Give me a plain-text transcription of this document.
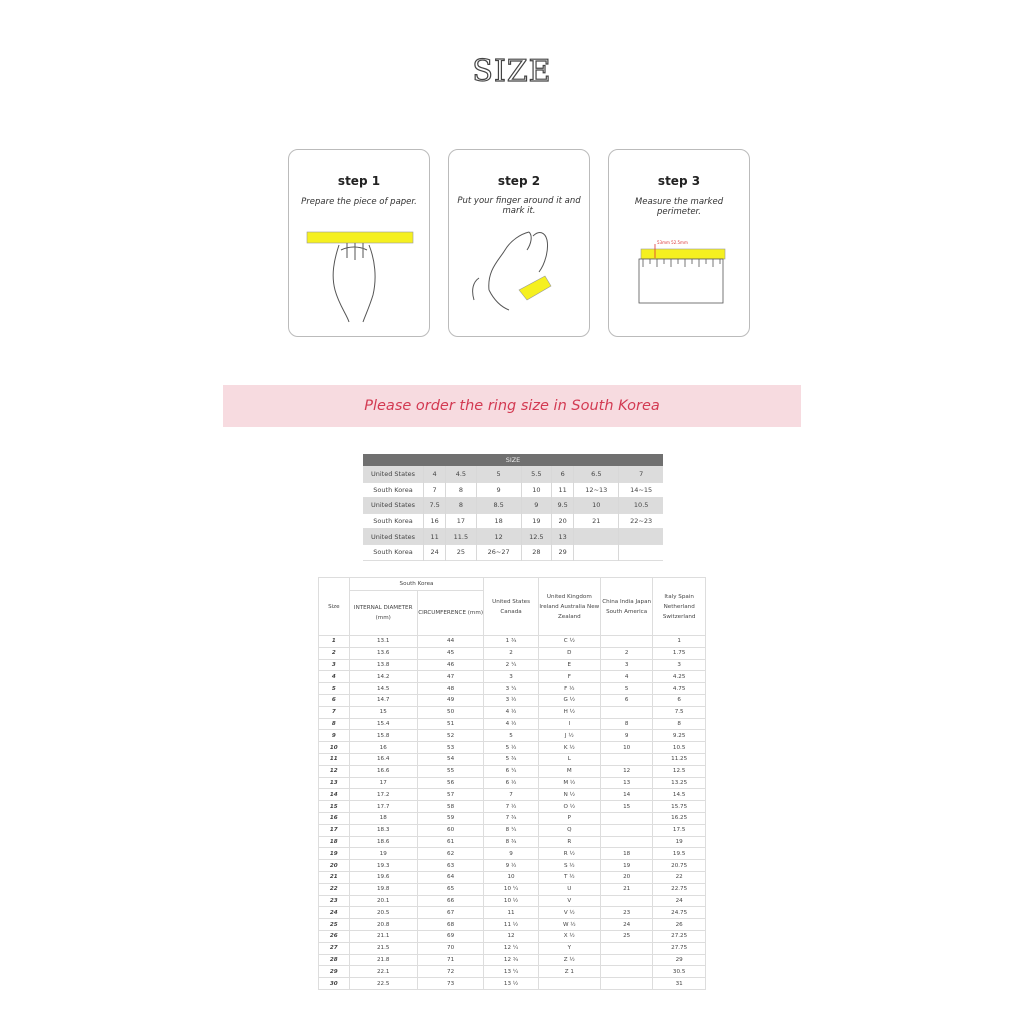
SIZE
step 1
Prepare the piece of paper.
step 2
Put your finger around it and mark it.
step 3
Measure the marked perimeter.
53mm 52.5mm
Please order the ring size in South Korea
SIZE							
United States	4	4.5	5	5.5	6	6.5	7
South Korea	7	8	9	10	11	12~13	14~15
United States	7.5	8	8.5	9	9.5	10	10.5
South Korea	16	17	18	19	20	21	22~23
United States	11	11.5	12	12.5	13		
South Korea	24	25	26~27	28	29		
Size	South Korea		United States Canada	United Kingdom Ireland Australia New Zealand	China India Japan South America	Italy Spain Netherland Switzerland
	INTERNAL DIAMETER (mm)	CIRCUMFERENCE (mm)				
1	13.1	44	1 ¾	C ½		1
2	13.6	45	2	D	2	1.75
3	13.8	46	2 ¼	E	3	3
4	14.2	47	3	F	4	4.25
5	14.5	48	3 ¼	F ½	5	4.75
6	14.7	49	3 ½	G ½	6	6
7	15	50	4 ½	H ½		7.5
8	15.4	51	4 ½	I	8	8
9	15.8	52	5	J ½	9	9.25
10	16	53	5 ½	K ½	10	10.5
11	16.4	54	5 ¾	L		11.25
12	16.6	55	6 ¼	M	12	12.5
13	17	56	6 ½	M ½	13	13.25
14	17.2	57	7	N ½	14	14.5
15	17.7	58	7 ½	O ½	15	15.75
16	18	59	7 ¾	P		16.25
17	18.3	60	8 ¼	Q		17.5
18	18.6	61	8 ¾	R		19
19	19	62	9	R ½	18	19.5
20	19.3	63	9 ½	S ½	19	20.75
21	19.6	64	10	T ½	20	22
22	19.8	65	10 ¼	U	21	22.75
23	20.1	66	10 ½	V		24
24	20.5	67	11	V ½	23	24.75
25	20.8	68	11 ½	W ½	24	26
26	21.1	69	12	X ½	25	27.25
27	21.5	70	12 ¼	Y		27.75
28	21.8	71	12 ¾	Z ½		29
29	22.1	72	13 ¼	Z 1		30.5
30	22.5	73	13 ½			31
